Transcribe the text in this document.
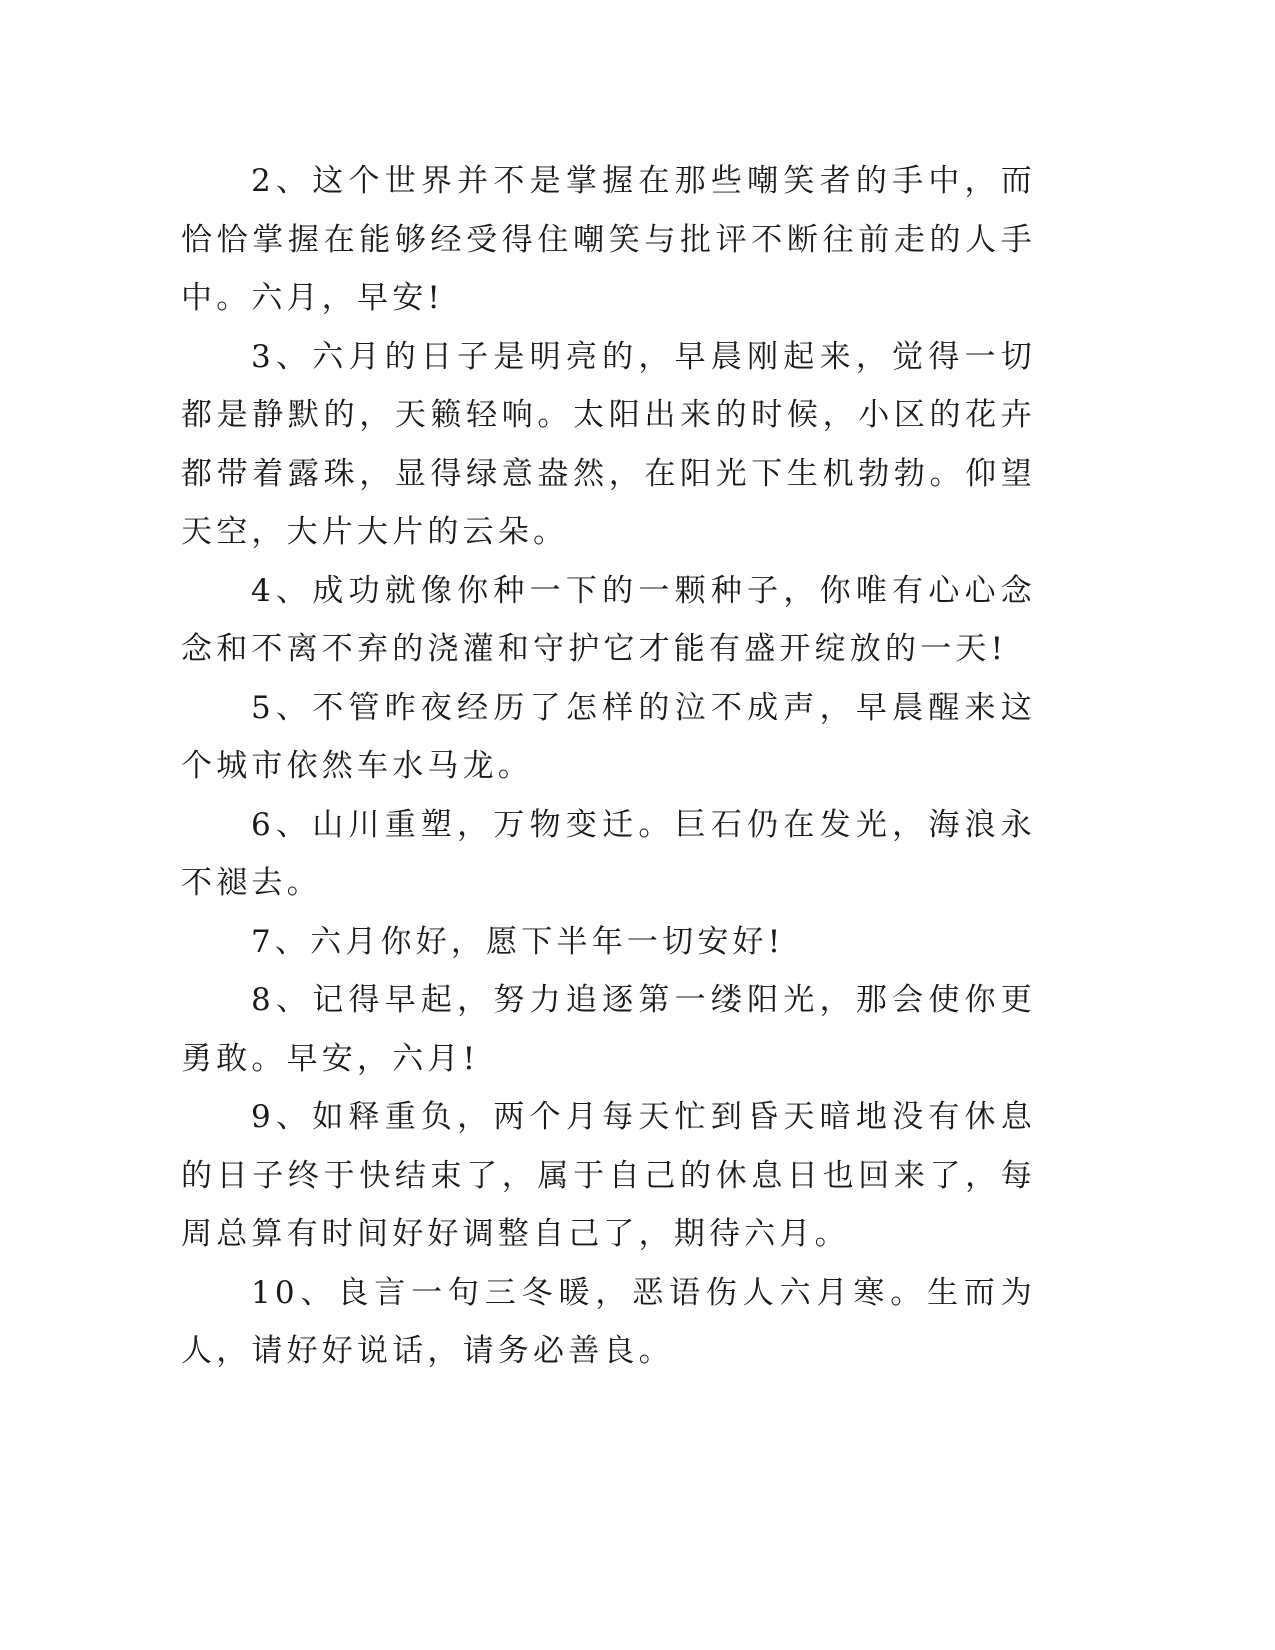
2、这个世界并不是掌握在那些嘲笑者的手中，而恰恰掌握在能够经受得住嘲笑与批评不断往前走的人手中。六月，早安!

3、六月的日子是明亮的，早晨刚起来，觉得一切都是静默的，天籁轻响。太阳出来的时候，小区的花卉都带着露珠，显得绿意盎然，在阳光下生机勃勃。仰望天空，大片大片的云朵。

4、成功就像你种一下的一颗种子，你唯有心心念念和不离不弃的浇灌和守护它才能有盛开绽放的一天!

5、不管昨夜经历了怎样的泣不成声，早晨醒来这个城市依然车水马龙。

6、山川重塑，万物变迁。巨石仍在发光，海浪永不褪去。

7、六月你好，愿下半年一切安好!

8、记得早起，努力追逐第一缕阳光，那会使你更勇敢。早安，六月!

9、如释重负，两个月每天忙到昏天暗地没有休息的日子终于快结束了，属于自己的休息日也回来了，每周总算有时间好好调整自己了，期待六月。

10、良言一句三冬暖，恶语伤人六月寒。生而为人，请好好说话，请务必善良。
